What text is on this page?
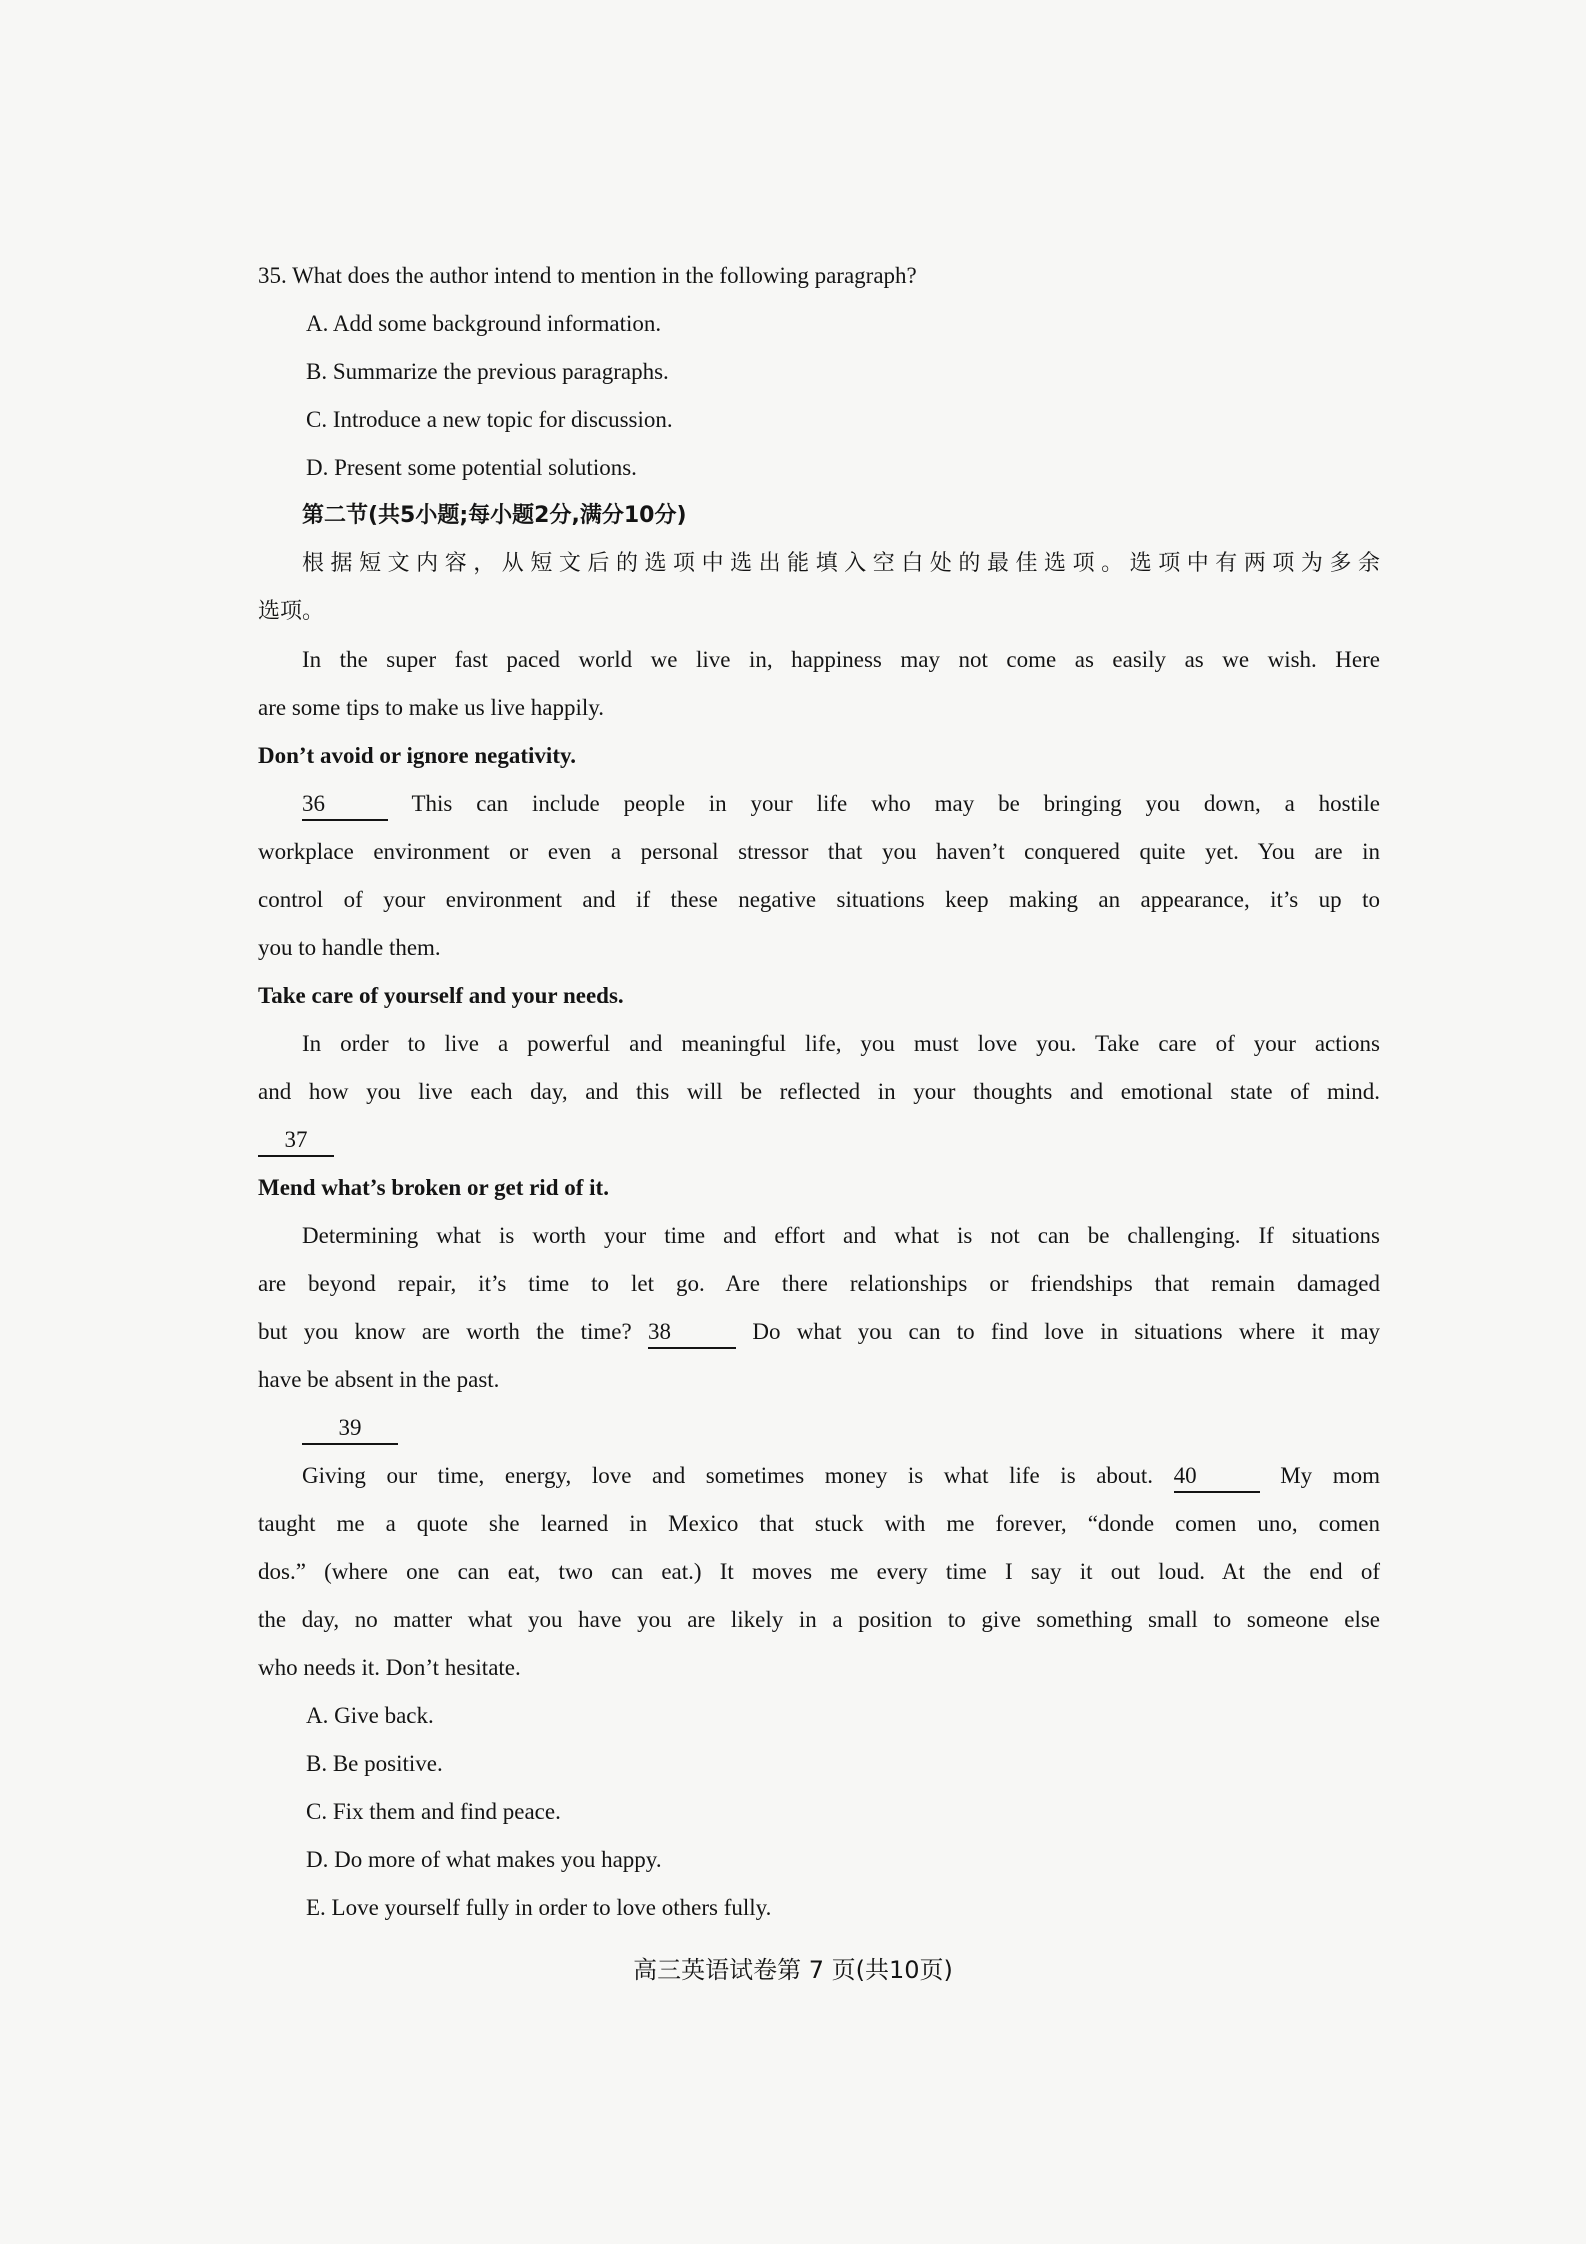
35. What does the author intend to mention in the following paragraph?
A. Add some background information.
B. Summarize the previous paragraphs.
C. Introduce a new topic for discussion.
D. Present some potential solutions.
第二节(共5小题;每小题2分,满分10分)
根据短文内容，从短文后的选项中选出能填入空白处的最佳选项。选项中有两项为多余
选项。
In the super fast paced world we live in, happiness may not come as easily as we wish. Here
are some tips to make us live happily.
Don’t avoid or ignore negativity.
36	This can include people in your life who may be bringing you down, a hostile
workplace environment or even a personal stressor that you haven’t conquered quite yet. You are in
control of your environment and if these negative situations keep making an appearance, it’s up to
you to handle them.
Take care of yourself and your needs.
In order to live a powerful and meaningful life, you must love you. Take care of your actions
and how you live each day, and this will be reflected in your thoughts and emotional state of mind.
37
Mend what’s broken or get rid of it.
Determining what is worth your time and effort and what is not can be challenging. If situations
are beyond repair, it’s time to let go. Are there relationships or friendships that remain damaged
but you know are worth the time? 38	Do what you can to find love in situations where it may
have be absent in the past.
39
Giving our time, energy, love and sometimes money is what life is about. 40	My mom
taught me a quote she learned in Mexico that stuck with me forever, “donde comen uno, comen
dos.” (where one can eat, two can eat.) It moves me every time I say it out loud. At the end of
the day, no matter what you have you are likely in a position to give something small to someone else
who needs it. Don’t hesitate.
A. Give back.
B. Be positive.
C. Fix them and find peace.
D. Do more of what makes you happy.
E. Love yourself fully in order to love others fully.
高三英语试卷第 7 页(共10页)
